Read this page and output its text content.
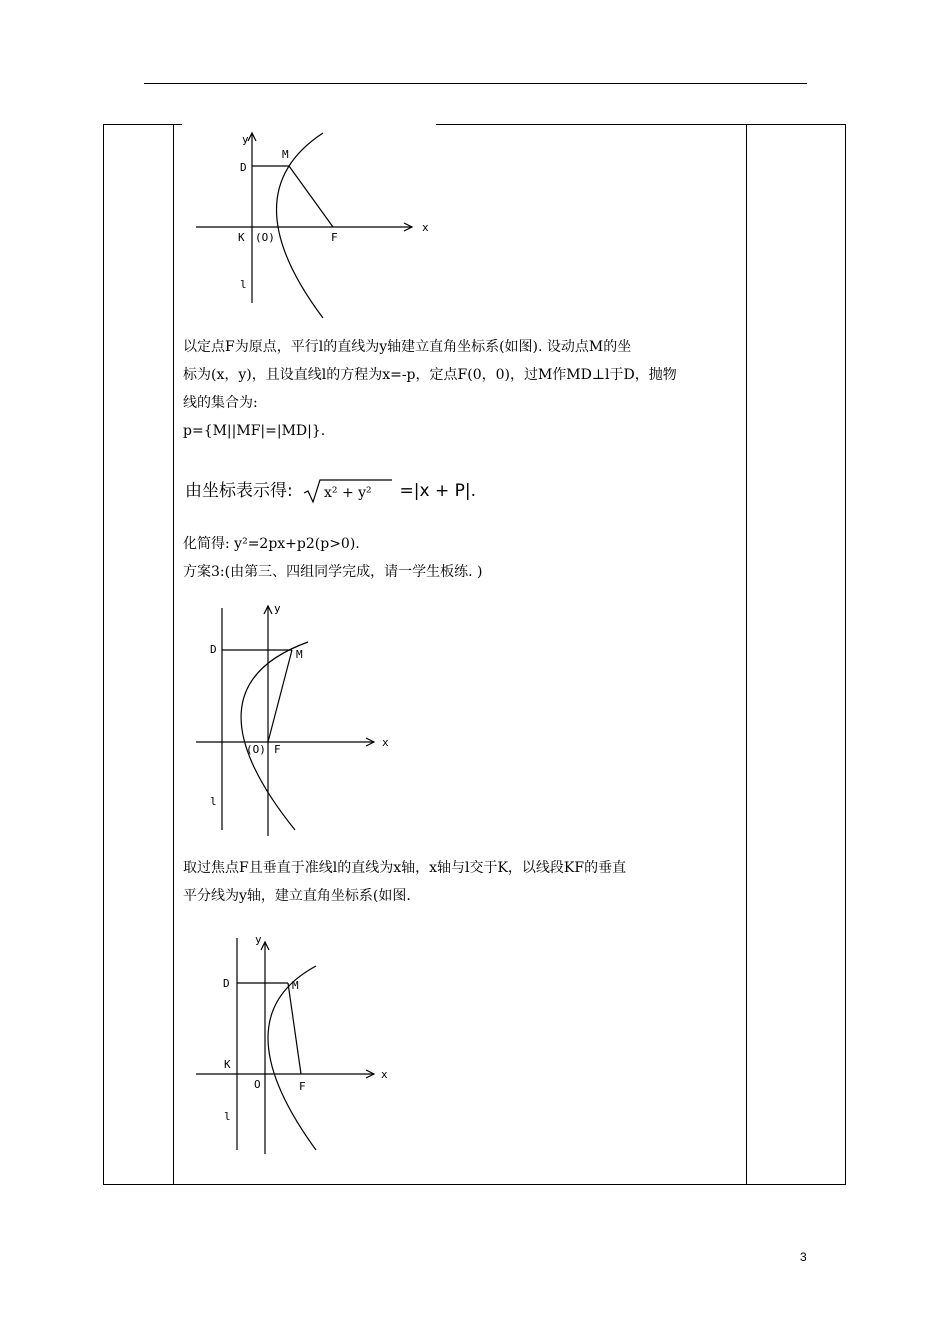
y
D
M
x
K (O)	F
l

以定点F为原点，平行l的直线为y轴建立直角坐标系(如图). 设动点M的坐

标为(x，y)，且设直线l的方程为x=-p，定点F(0，0)，过M作MD⊥l于D，抛物

线的集合为:

p={M||MF|=|MD|}.

由坐标表示得: x² + y² =|x + P|.

化简得: y²=2px+p2(p>0).

方案3:(由第三、四组同学完成，请一学生板练. )

y
D	M
x
(O) F
l

取过焦点F且垂直于准线l的直线为x轴，x轴与l交于K，以线段KF的垂直

平分线为y轴，建立直角坐标系(如图.

y
D	M
K
x
O	F
l
3
